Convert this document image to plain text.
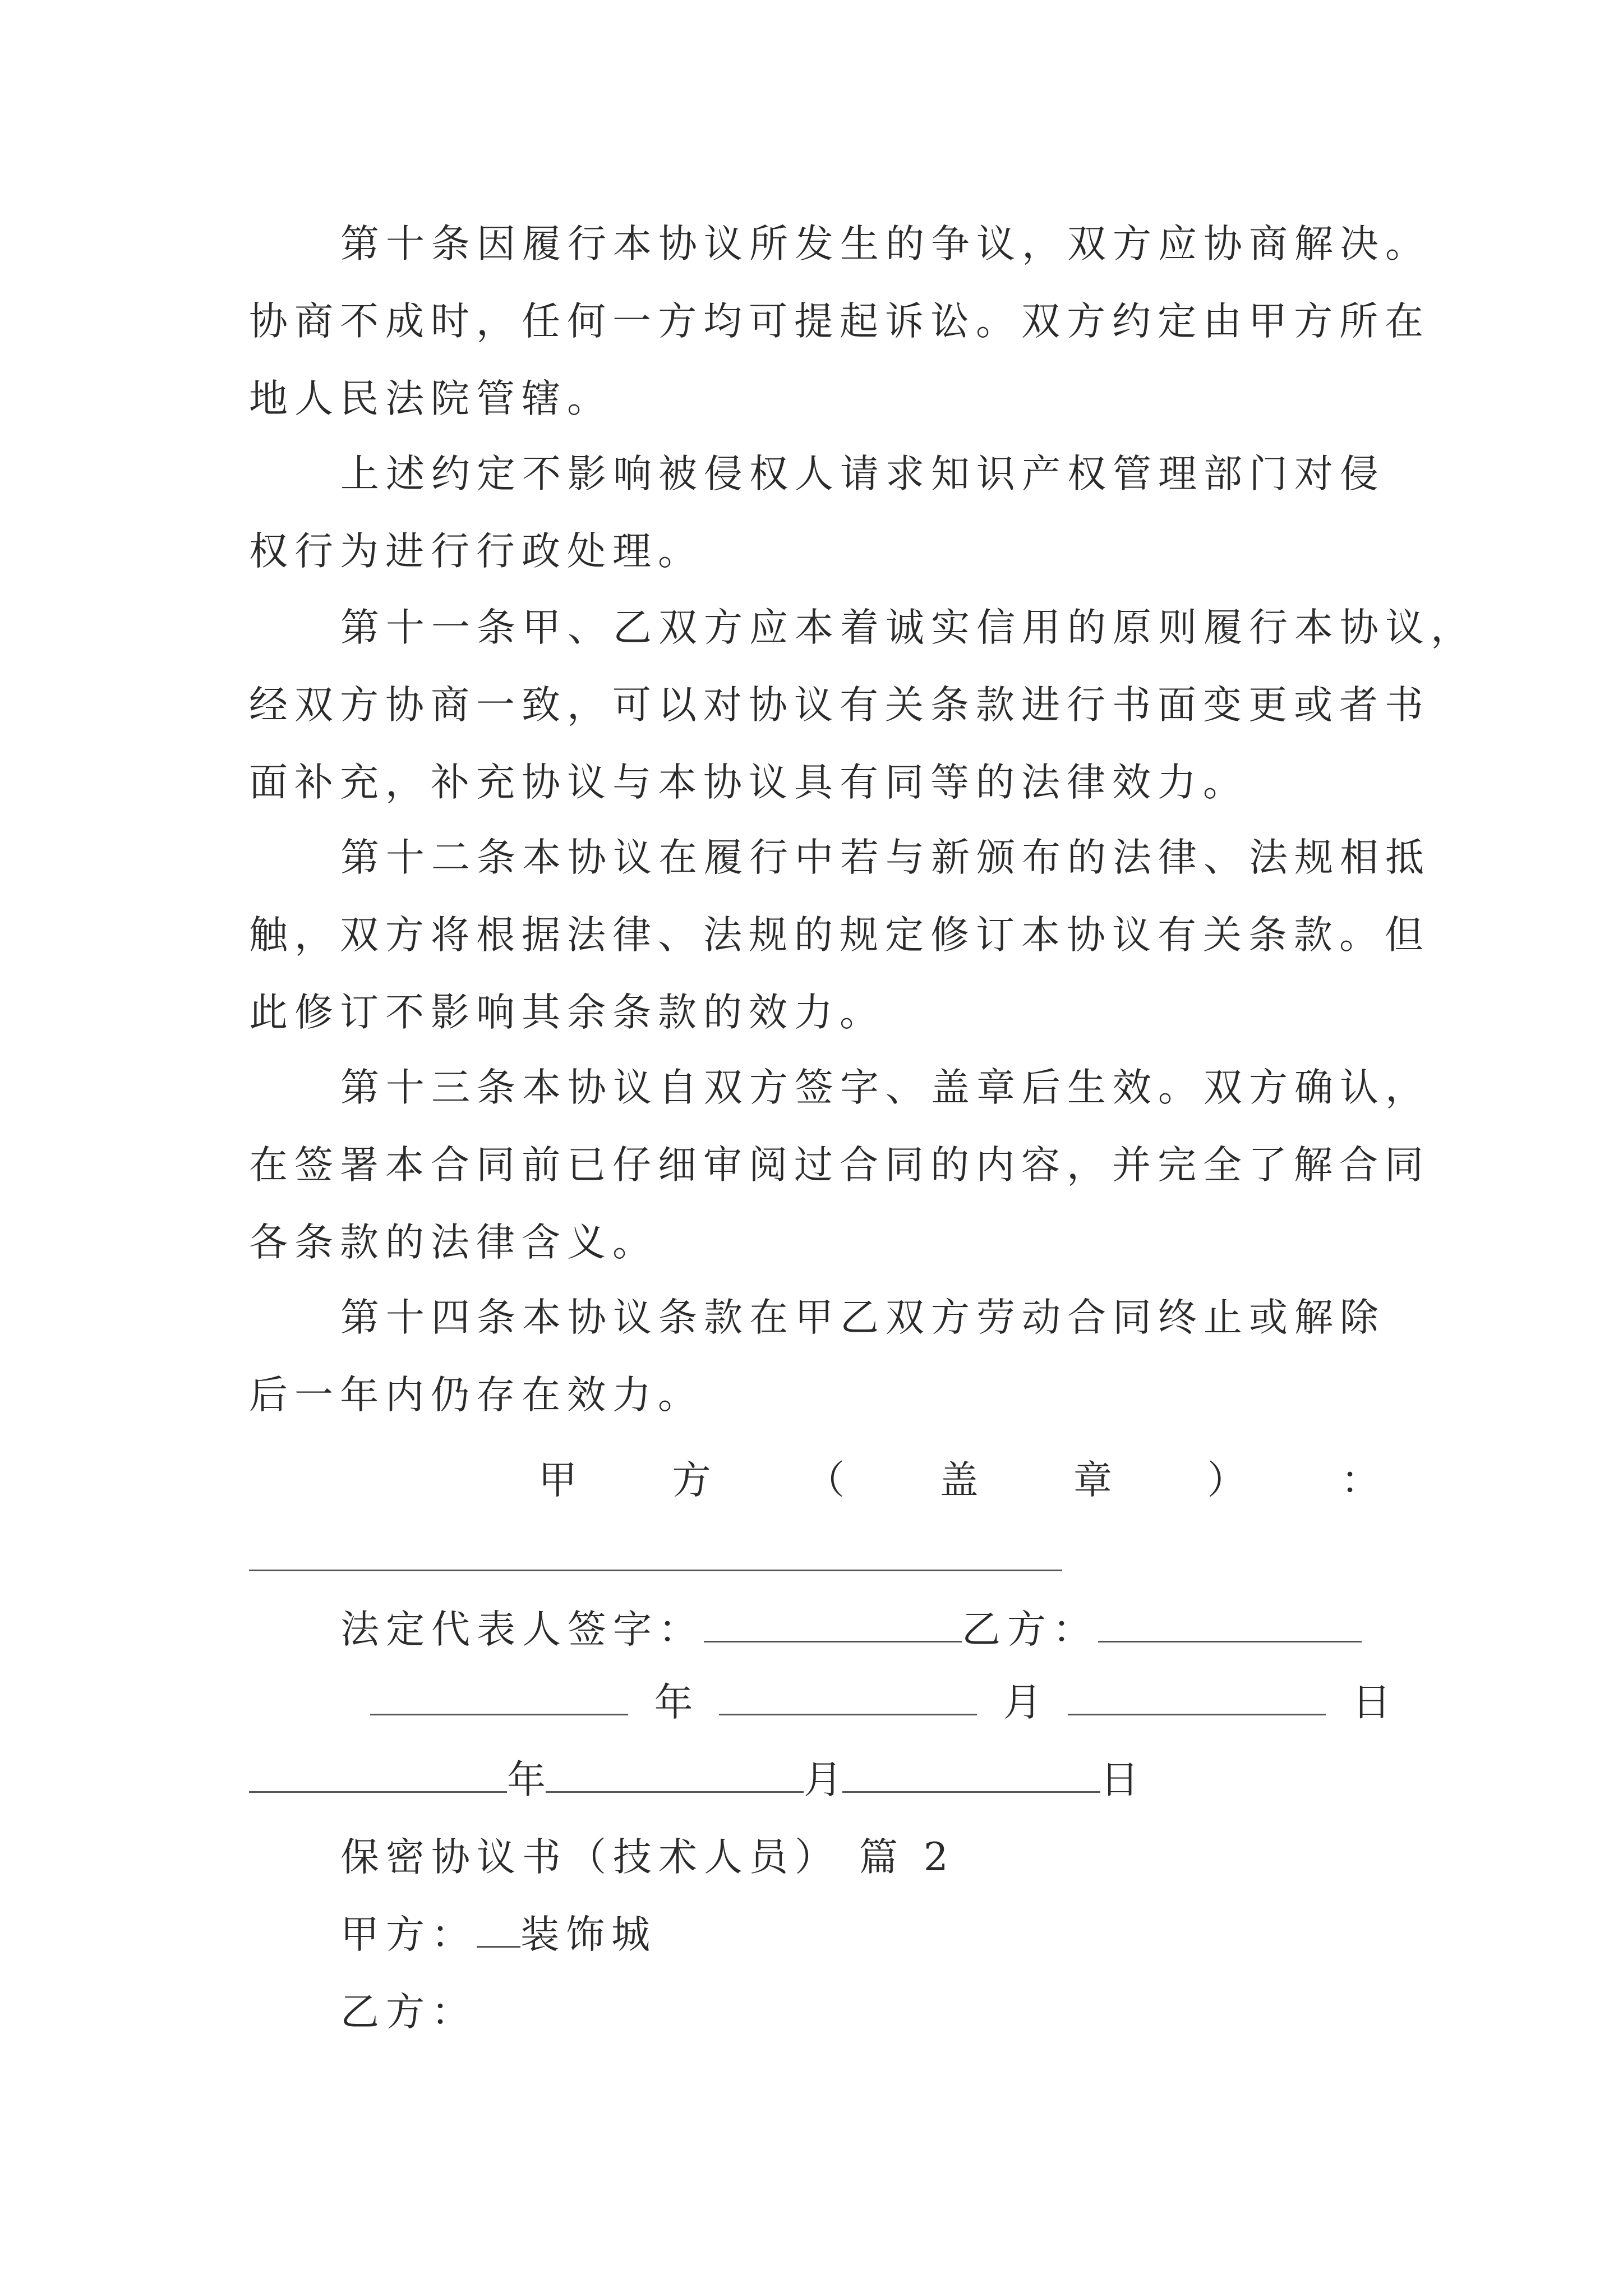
第十条因履行本协议所发生的争议，双方应协商解决。
协商不成时，任何一方均可提起诉讼。双方约定由甲方所在
地人民法院管辖。
上述约定不影响被侵权人请求知识产权管理部门对侵
权行为进行行政处理。
第十一条甲、乙双方应本着诚实信用的原则履行本协议，
经双方协商一致，可以对协议有关条款进行书面变更或者书
面补充，补充协议与本协议具有同等的法律效力。
第十二条本协议在履行中若与新颁布的法律、法规相抵
触，双方将根据法律、法规的规定修订本协议有关条款。但
此修订不影响其余条款的效力。
第十三条本协议自双方签字、盖章后生效。双方确认，
在签署本合同前已仔细审阅过合同的内容，并完全了解合同
各条款的法律含义。
第十四条本协议条款在甲乙双方劳动合同终止或解除
后一年内仍存在效力。
甲 方 （ 盖 章 ） ：
法定代表人签字：	乙方：
年	月	日
年	月	日
保密协议书（技术人员） 篇 2
甲方： 装饰城
乙方：
